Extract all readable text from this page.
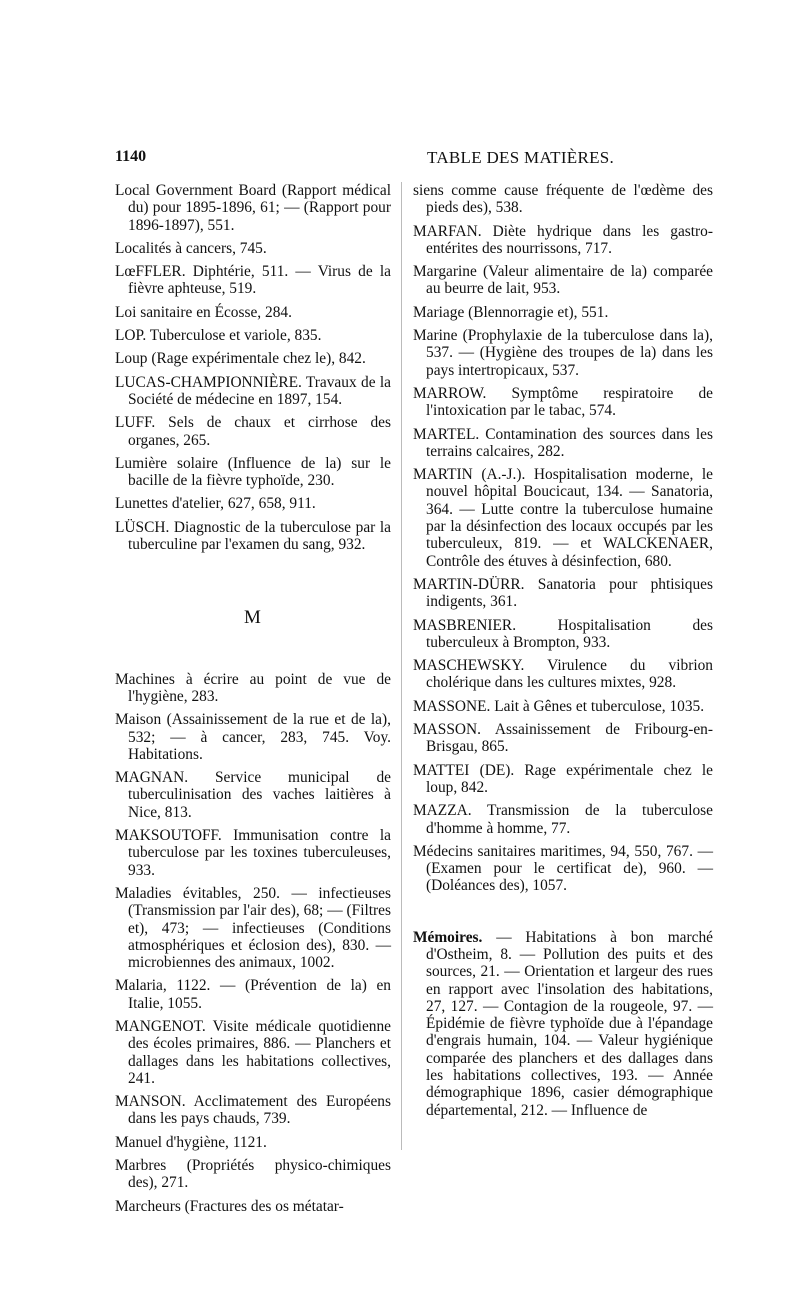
1140	TABLE DES MATIÈRES.

Local Government Board (Rapport médical du) pour 1895-1896, 61; — (Rapport pour 1896-1897), 551.

Localités à cancers, 745.

LœFFLER. Diphtérie, 511. — Virus de la fièvre aphteuse, 519.

Loi sanitaire en Écosse, 284.

LOP. Tuberculose et variole, 835.

Loup (Rage expérimentale chez le), 842.

LUCAS-CHAMPIONNIÈRE. Travaux de la Société de médecine en 1897, 154.

LUFF. Sels de chaux et cirrhose des organes, 265.

Lumière solaire (Influence de la) sur le bacille de la fièvre typhoïde, 230.

Lunettes d'atelier, 627, 658, 911.

LÜSCH. Diagnostic de la tuberculose par la tuberculine par l'examen du sang, 932.

M

Machines à écrire au point de vue de l'hygiène, 283.

Maison (Assainissement de la rue et de la), 532; — à cancer, 283, 745. Voy. Habitations.

MAGNAN. Service municipal de tuberculinisation des vaches laitières à Nice, 813.

MAKSOUTOFF. Immunisation contre la tuberculose par les toxines tuberculeuses, 933.

Maladies évitables, 250. — infectieuses (Transmission par l'air des), 68; — (Filtres et), 473; — infectieuses (Conditions atmosphériques et éclosion des), 830. — microbiennes des animaux, 1002.

Malaria, 1122. — (Prévention de la) en Italie, 1055.

MANGENOT. Visite médicale quotidienne des écoles primaires, 886. — Planchers et dallages dans les habitations collectives, 241.

MANSON. Acclimatement des Européens dans les pays chauds, 739.

Manuel d'hygiène, 1121.

Marbres (Propriétés physico-chimiques des), 271.

Marcheurs (Fractures des os métatar-

siens comme cause fréquente de l'œdème des pieds des), 538.

MARFAN. Diète hydrique dans les gastro-entérites des nourrissons, 717.

Margarine (Valeur alimentaire de la) comparée au beurre de lait, 953.

Mariage (Blennorragie et), 551.

Marine (Prophylaxie de la tuberculose dans la), 537. — (Hygiène des troupes de la) dans les pays intertropicaux, 537.

MARROW. Symptôme respiratoire de l'intoxication par le tabac, 574.

MARTEL. Contamination des sources dans les terrains calcaires, 282.

MARTIN (A.-J.). Hospitalisation moderne, le nouvel hôpital Boucicaut, 134. — Sanatoria, 364. — Lutte contre la tuberculose humaine par la désinfection des locaux occupés par les tuberculeux, 819. — et WALCKENAER, Contrôle des étuves à désinfection, 680.

MARTIN-DÜRR. Sanatoria pour phtisiques indigents, 361.

MASBRENIER. Hospitalisation des tuberculeux à Brompton, 933.

MASCHEWSKY. Virulence du vibrion cholérique dans les cultures mixtes, 928.

MASSONE. Lait à Gênes et tuberculose, 1035.

MASSON. Assainissement de Fribourg-en-Brisgau, 865.

MATTEI (DE). Rage expérimentale chez le loup, 842.

MAZZA. Transmission de la tuberculose d'homme à homme, 77.

Médecins sanitaires maritimes, 94, 550, 767. — (Examen pour le certificat de), 960. — (Doléances des), 1057.

Mémoires. — Habitations à bon marché d'Ostheim, 8. — Pollution des puits et des sources, 21. — Orientation et largeur des rues en rapport avec l'insolation des habitations, 27, 127. — Contagion de la rougeole, 97. — Épidémie de fièvre typhoïde due à l'épandage d'engrais humain, 104. — Valeur hygiénique comparée des planchers et des dallages dans les habitations collectives, 193. — Année démographique 1896, casier démographique départemental, 212. — Influence de
